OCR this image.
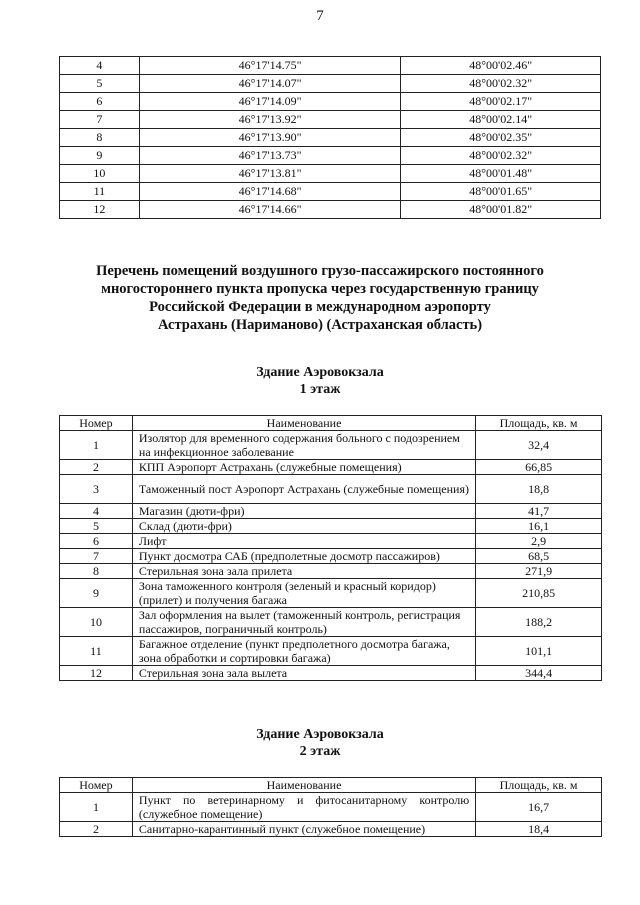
7
4	46°17'14.75"	48°00'02.46"
5	46°17'14.07"	48°00'02.32"
6	46°17'14.09"	48°00'02.17"
7	46°17'13.92"	48°00'02.14"
8	46°17'13.90"	48°00'02.35"
9	46°17'13.73"	48°00'02.32"
10	46°17'13.81"	48°00'01.48"
11	46°17'14.68"	48°00'01.65"
12	46°17'14.66"	48°00'01.82"
Перечень помещений воздушного грузо-пассажирского постоянного
многостороннего пункта пропуска через государственную границу
Российской Федерации в международном аэропорту
Астрахань (Нариманово) (Астраханская область)
Здание Аэровокзала
1 этаж
Номер	Наименование	Площадь, кв. м
1	Изолятор для временного содержания больного с подозрением на инфекционное заболевание	32,4
2	КПП Аэропорт Астрахань (служебные помещения)	66,85
3	Таможенный пост Аэропорт Астрахань (служебные помещения)	18,8
4	Магазин (дюти-фри)	41,7
5	Склад (дюти-фри)	16,1
6	Лифт	2,9
7	Пункт досмотра САБ (предполетные досмотр пассажиров)	68,5
8	Стерильная зона зала прилета	271,9
9	Зона таможенного контроля (зеленый и красный коридор) (прилет) и получения багажа	210,85
10	Зал оформления на вылет (таможенный контроль, регистрация пассажиров, пограничный контроль)	188,2
11	Багажное отделение (пункт предполетного досмотра багажа, зона обработки и сортировки багажа)	101,1
12	Стерильная зона зала вылета	344,4
Здание Аэровокзала
2 этаж
Номер	Наименование	Площадь, кв. м
1	Пункт по ветеринарному и фитосанитарному контролю (служебное помещение)	16,7
2	Санитарно-карантинный пункт (служебное помещение)	18,4
